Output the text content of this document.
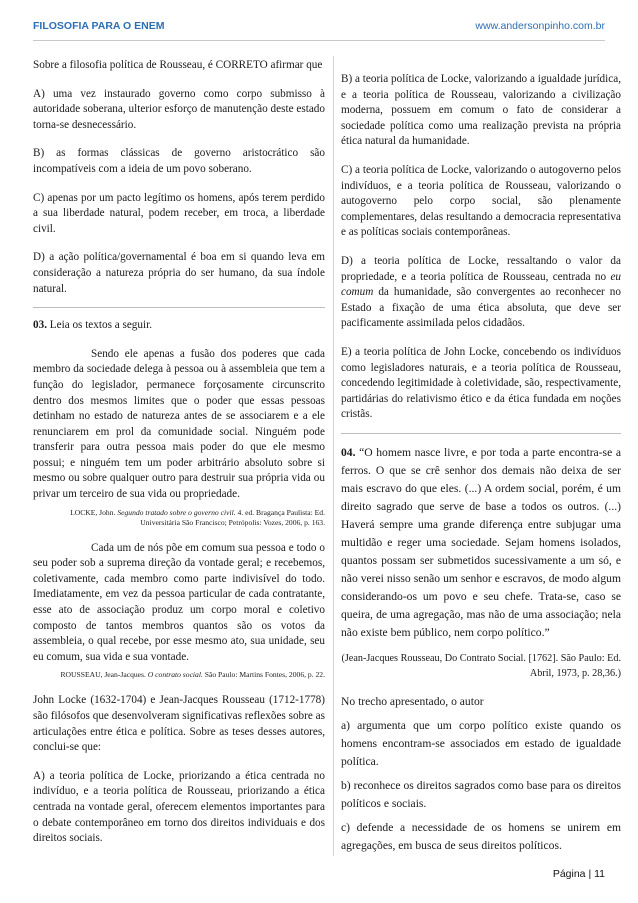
FILOSOFIA PARA O ENEM	www.andersonpinho.com.br

Sobre a filosofia política de Rousseau, é CORRETO afirmar que

A) uma vez instaurado governo como corpo submisso à autoridade soberana, ulterior esforço de manutenção deste estado torna-se desnecessário.

B) as formas clássicas de governo aristocrático são incompatíveis com a ideia de um povo soberano.

C) apenas por um pacto legítimo os homens, após terem perdido a sua liberdade natural, podem receber, em troca, a liberdade civil.

D) a ação política/governamental é boa em si quando leva em consideração a natureza própria do ser humano, da sua índole natural.

03. Leia os textos a seguir.

Sendo ele apenas a fusão dos poderes que cada membro da sociedade delega à pessoa ou à assembleia que tem a função do legislador, permanece forçosamente circunscrito dentro dos mesmos limites que o poder que essas pessoas detinham no estado de natureza antes de se associarem e a ele renunciarem em prol da comunidade social. Ninguém pode transferir para outra pessoa mais poder do que ele mesmo possui; e ninguém tem um poder arbitrário absoluto sobre si mesmo ou sobre qualquer outro para destruir sua própria vida ou privar um terceiro de sua vida ou propriedade.

LOCKE, John. Segundo tratado sobre o governo civil. 4. ed. Bragança Paulista: Ed. Universitária São Francisco; Petrópolis: Vozes, 2006, p. 163.

Cada um de nós põe em comum sua pessoa e todo o seu poder sob a suprema direção da vontade geral; e recebemos, coletivamente, cada membro como parte indivisível do todo. Imediatamente, em vez da pessoa particular de cada contratante, esse ato de associação produz um corpo moral e coletivo composto de tantos membros quantos são os votos da assembleia, o qual recebe, por esse mesmo ato, sua unidade, seu eu comum, sua vida e sua vontade.

ROUSSEAU, Jean-Jacques. O contrato social. São Paulo: Martins Fontes, 2006, p. 22.

John Locke (1632-1704) e Jean-Jacques Rousseau (1712-1778) são filósofos que desenvolveram significativas reflexões sobre as articulações entre ética e política. Sobre as teses desses autores, conclui-se que:

A) a teoria política de Locke, priorizando a ética centrada no indivíduo, e a teoria política de Rousseau, priorizando a ética centrada na vontade geral, oferecem elementos importantes para o debate contemporâneo em torno dos direitos individuais e dos direitos sociais.

B) a teoria política de Locke, valorizando a igualdade jurídica, e a teoria política de Rousseau, valorizando a civilização moderna, possuem em comum o fato de considerar a sociedade política como uma realização prevista na própria ética natural da humanidade.

C) a teoria política de Locke, valorizando o autogoverno pelos indivíduos, e a teoria política de Rousseau, valorizando o autogoverno pelo corpo social, são plenamente complementares, delas resultando a democracia representativa e as políticas sociais contemporâneas.

D) a teoria política de Locke, ressaltando o valor da propriedade, e a teoria política de Rousseau, centrada no eu comum da humanidade, são convergentes ao reconhecer no Estado a fixação de uma ética absoluta, que deve ser pacificamente assimilada pelos cidadãos.

E) a teoria política de John Locke, concebendo os indivíduos como legisladores naturais, e a teoria política de Rousseau, concedendo legitimidade à coletividade, são, respectivamente, partidárias do relativismo ético e da ética fundada em noções cristãs.

04. “O homem nasce livre, e por toda a parte encontra-se a ferros. O que se crê senhor dos demais não deixa de ser mais escravo do que eles. (...) A ordem social, porém, é um direito sagrado que serve de base a todos os outros. (...) Haverá sempre uma grande diferença entre subjugar uma multidão e reger uma sociedade. Sejam homens isolados, quantos possam ser submetidos sucessivamente a um só, e não verei nisso senão um senhor e escravos, de modo algum considerando-os um povo e seu chefe. Trata-se, caso se queira, de uma agregação, mas não de uma associação; nela não existe bem público, nem corpo político.”

(Jean-Jacques Rousseau, Do Contrato Social. [1762]. São Paulo: Ed. Abril, 1973, p. 28,36.)

No trecho apresentado, o autor

a) argumenta que um corpo político existe quando os homens encontram-se associados em estado de igualdade política.

b) reconhece os direitos sagrados como base para os direitos políticos e sociais.

c) defende a necessidade de os homens se unirem em agregações, em busca de seus direitos políticos.

Página | 11
